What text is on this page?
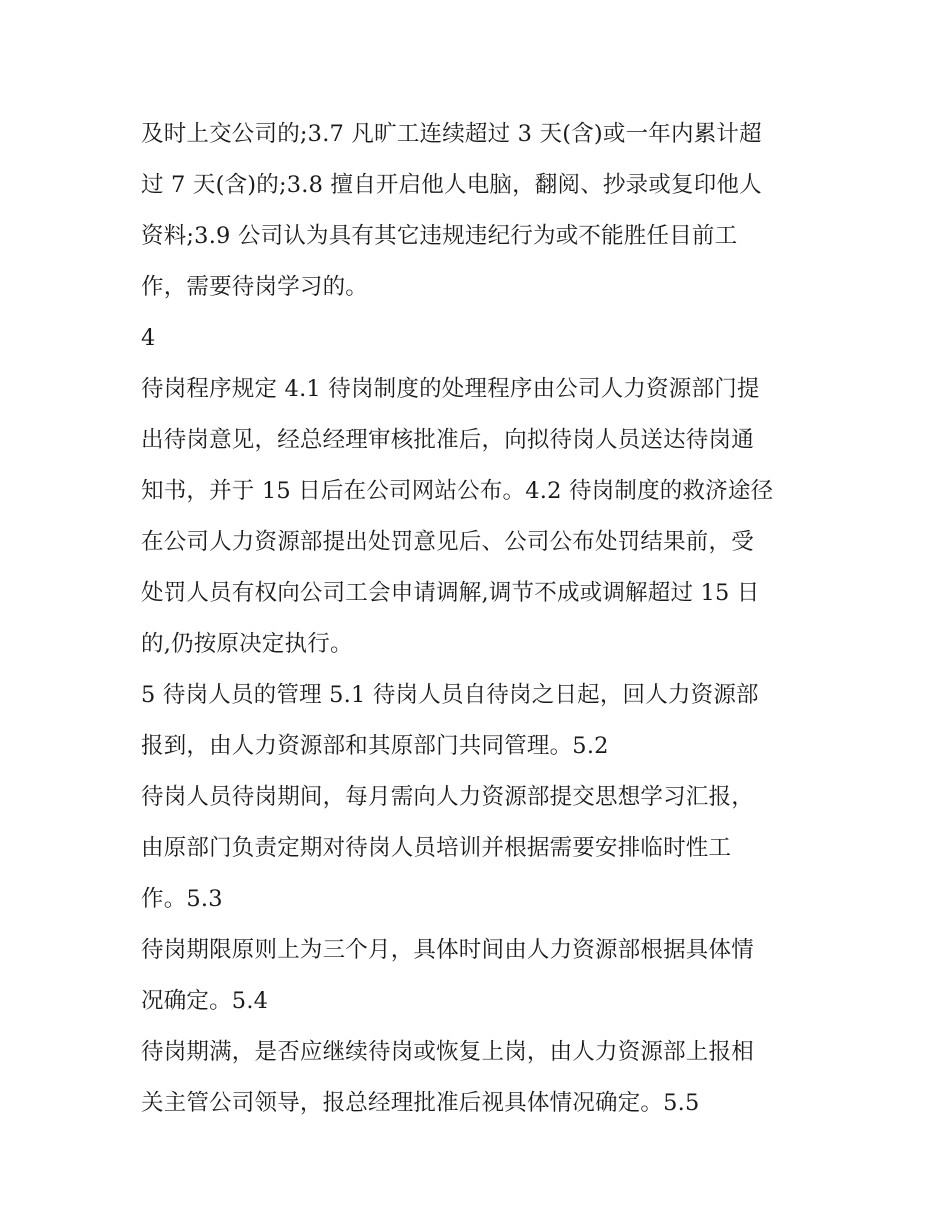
及时上交公司的;3.7 凡旷工连续超过 3 天(含)或一年内累计超
过 7 天(含)的;3.8 擅自开启他人电脑，翻阅、抄录或复印他人
资料;3.9 公司认为具有其它违规违纪行为或不能胜任目前工
作，需要待岗学习的。
4
待岗程序规定 4.1 待岗制度的处理程序由公司人力资源部门提
出待岗意见，经总经理审核批准后，向拟待岗人员送达待岗通
知书，并于 15 日后在公司网站公布。4.2 待岗制度的救济途径
在公司人力资源部提出处罚意见后、公司公布处罚结果前，受
处罚人员有权向公司工会申请调解,调节不成或调解超过 15 日
的,仍按原决定执行。
5 待岗人员的管理 5.1 待岗人员自待岗之日起，回人力资源部
报到，由人力资源部和其原部门共同管理。5.2
待岗人员待岗期间，每月需向人力资源部提交思想学习汇报，
由原部门负责定期对待岗人员培训并根据需要安排临时性工
作。5.3
待岗期限原则上为三个月，具体时间由人力资源部根据具体情
况确定。5.4
待岗期满，是否应继续待岗或恢复上岗，由人力资源部上报相
关主管公司领导，报总经理批准后视具体情况确定。5.5
